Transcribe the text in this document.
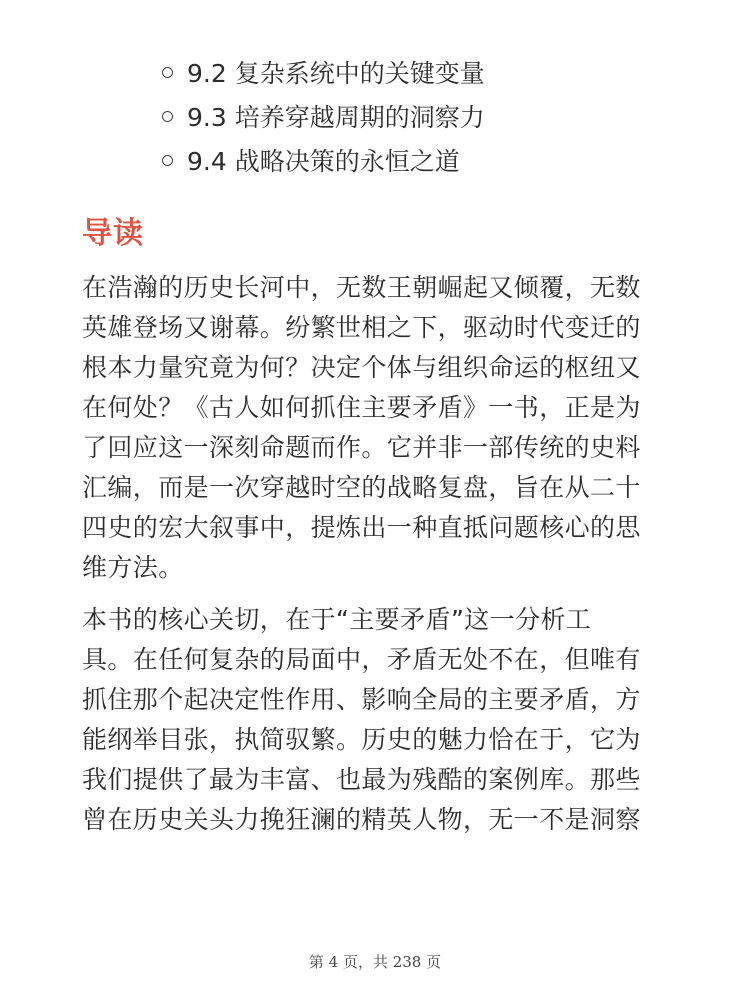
9.2 复杂系统中的关键变量
9.3 培养穿越周期的洞察力
9.4 战略决策的永恒之道
导读

在浩瀚的历史长河中，无数王朝崛起又倾覆，无数
英雄登场又谢幕。纷繁世相之下，驱动时代变迁的
根本力量究竟为何？决定个体与组织命运的枢纽又
在何处？《古人如何抓住主要矛盾》一书，正是为
了回应这一深刻命题而作。它并非一部传统的史料
汇编，而是一次穿越时空的战略复盘，旨在从二十
四史的宏大叙事中，提炼出一种直抵问题核心的思
维方法。

本书的核心关切，在于“主要矛盾”这一分析工
具。在任何复杂的局面中，矛盾无处不在，但唯有
抓住那个起决定性作用、影响全局的主要矛盾，方
能纲举目张，执简驭繁。历史的魅力恰在于，它为
我们提供了最为丰富、也最为残酷的案例库。那些
曾在历史关头力挽狂澜的精英人物，无一不是洞察

第 4 页，共 238 页
